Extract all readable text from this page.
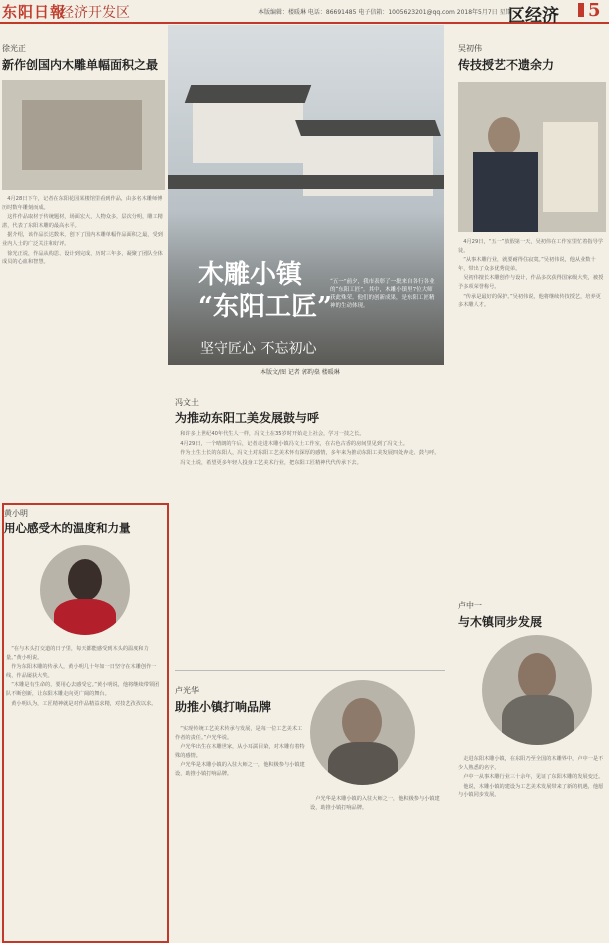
东阳日報
经济开发区	本版编辑：楼暖琳 电话：86691485 电子信箱：1005623201@qq.com 2018年5月7日 星期一
区经济 5
徐光正
新作创国内木雕单幅面积之最

4月28日下午，记者在东阳花园某楼馆里看到作品，由多名木雕师傅历时数年雕刻而成。

这件作品取材于传统题材，场面宏大，人物众多，层次分明，雕工精湛，代表了东阳木雕的最高水平。

据介绍，该作品长达数米，创下了国内木雕单幅作品面积之最，受到业内人士的广泛关注和好评。

徐光正说，作品从构思、设计到完成，历时三年多，凝聚了团队全体成员的心血和智慧。	木雕小镇
“东阳工匠”
坚守匠心 不忘初心
“五一”前夕，我市表彰了一批来自各行各业的“东阳工匠”。其中，木雕小镇里7位大师获此殊荣。他们的创新成果，是东阳工匠精神的生动体现。
本版文/图 记者 郭昀燊 楼暖琳
冯文土
为推动东阳工美发展鼓与呼

和许多上世纪40年代生人一样，冯文土在35岁时开始走上社会，学习一技之长。

4月29日，一个晴朗的午后，记者走进木雕小镇冯文土工作室，在古色古香的房间里见到了冯文土。

作为土生土长的东阳人，冯文土对东阳工艺美术怀有深厚的感情，多年来为推动东阳工美发展四处奔走、鼓与呼。

冯文土说，希望更多年轻人投身工艺美术行业，把东阳工匠精神代代传承下去。

卢光华
助推小镇打响品牌

“实现传统工艺美术传承与发展，是每一位工艺美术工作者的责任。”卢光华说。

卢光华出生在木雕世家，从小耳濡目染，对木雕有着特殊的感情。

卢光华是木雕小镇的入驻大师之一，他积极参与小镇建设，助推小镇打响品牌。

卢光华是木雕小镇的入驻大师之一，他积极参与小镇建设，助推小镇打响品牌。

黄小明
用心感受木的温度和力量

“在与木头打交道的日子里，每天都能感受到木头的温度和力量。”黄小明说。

作为东阳木雕的传承人，黄小明几十年如一日坚守在木雕创作一线，作品屡获大奖。

“木雕是有生命的，要用心去感受它。”黄小明说，他将继续带领团队不断创新，让东阳木雕走向更广阔的舞台。

黄小明认为，工匠精神就是对作品精益求精，对技艺孜孜以求。

吴初伟
传技授艺不遗余力

4月29日，“五一”放假第一天，吴初伟在工作室里忙着指导学徒。

“从事木雕行业，就要耐得住寂寞。”吴初伟说，他从业数十年，带出了众多优秀徒弟。

吴初伟擅长木雕创作与设计，作品多次获得国家级大奖，被授予多项荣誉称号。

“传承是最好的保护。”吴初伟说，他将继续传技授艺，培养更多木雕人才。

卢中一
与木镇同步发展

走进东阳木雕小镇，在东阳乃至全国的木雕界中，卢中一是不少人熟悉的名字。

卢中一从事木雕行业三十余年，见证了东阳木雕的发展变迁。

他说，木雕小镇的建设为工艺美术发展带来了新的机遇，他愿与小镇同步发展。
